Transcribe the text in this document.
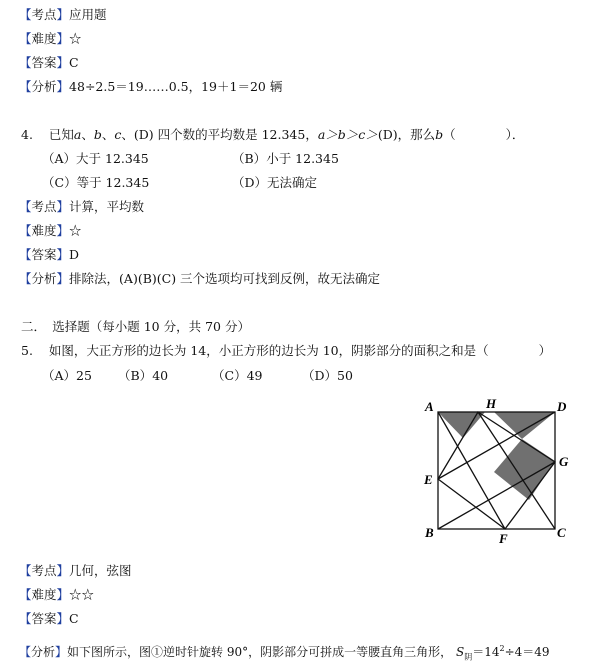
【考点】应用题
【难度】☆
【答案】C
【分析】48÷2.5＝19……0.5，19＋1＝20 辆
4. 已知a、b、c、(D) 四个数的平均数是 12.345，a＞b＞c＞(D)，那么b（　　　　）．
（A）大于 12.345	（B）小于 12.345
（C）等于 12.345	（D）无法确定
【考点】计算，平均数
【难度】☆
【答案】D
【分析】排除法，(A)(B)(C) 三个选项均可找到反例，故无法确定
二．　选择题（每小题 10 分，共 70 分）
5. 如图，大正方形的边长为 14，小正方形的边长为 10，阴影部分的面积之和是（　　　　）
（A）25 （B）40	（C）49	（D）50
A	H	D
G
E
B	F	C
【考点】几何，弦图
【难度】☆☆
【答案】C
【分析】如下图所示，图①逆时针旋转 90°，阴影部分可拼成一等腰直角三角形， $S_阴=14^2\div 4=49$
